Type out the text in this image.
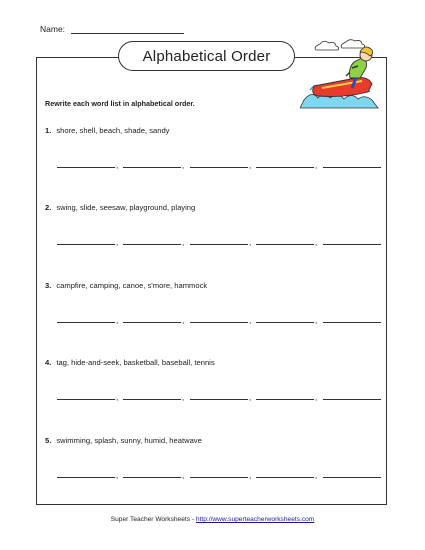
Name:
Alphabetical Order
Rewrite each word list in alphabetical order.
1. shore, shell, beach, shade, sandy
,	,	,	,
2. swing, slide, seesaw, playground, playing
,	,	,	,
3. campfire, camping, canoe, s'more, hammock
,	,	,	,
4. tag, hide-and-seek, basketball, baseball, tennis
,	,	,	,
5. swimming, splash, sunny, humid, heatwave
,	,	,	,
Super Teacher Worksheets - http://www.superteacherworksheets.com
